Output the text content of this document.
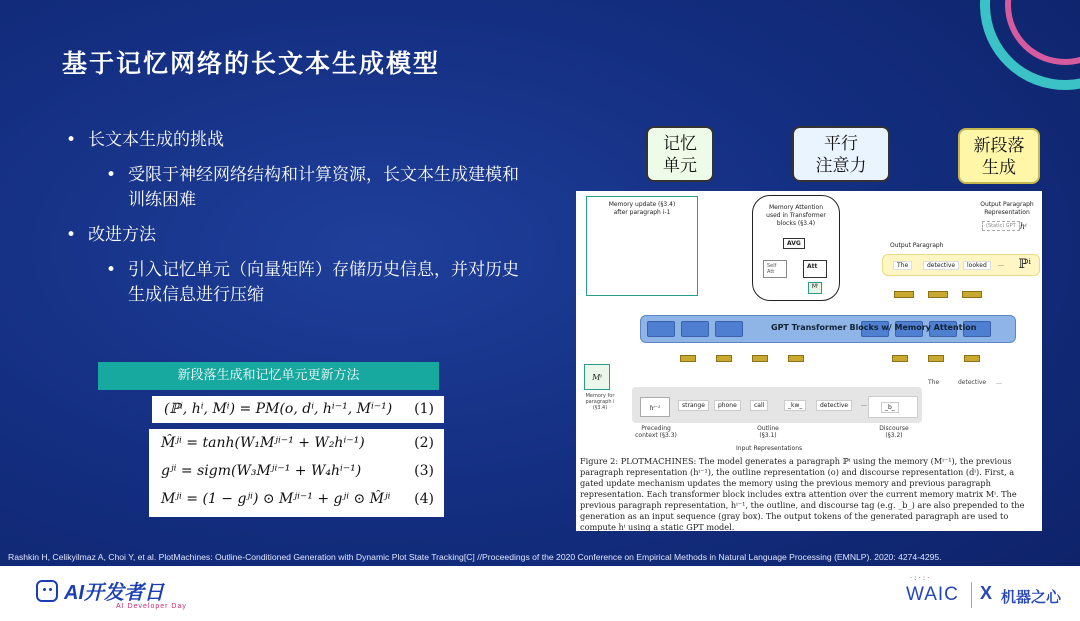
基于记忆网络的长文本生成模型
• 长文本生成的挑战
• 受限于神经网络结构和计算资源，长文本生成建模和训练困难
• 改进方法
• 引入记忆单元（向量矩阵）存储历史信息，并对历史生成信息进行压缩
新段落生成和记忆单元更新方法
(ℙⁱ, hⁱ, Mⁱ) = PM(o, dⁱ, hⁱ⁻¹, Mⁱ⁻¹) (1)
M̂ʲⁱ = tanh(W₁Mʲⁱ⁻¹ + W₂hⁱ⁻¹)	(2)
gʲⁱ = sigm(W₃Mʲⁱ⁻¹ + W₄hⁱ⁻¹)	(3)
Mʲⁱ = (1 − gʲⁱ) ⊙ Mʲⁱ⁻¹ + gʲⁱ ⊙ M̂ʲⁱ (4)
Memory update (§3.4)
after paragraph i-1
Memory Attention
used in Transformer
blocks (§3.4)
AVG
Self Att
Att
Mⁱ
Output Paragraph
Representation
(Static) GPT hⁱ
Output Paragraph
The	detective	looked	… ℙⁱ
GPT Transformer Blocks w/ Memory Attention
Mⁱ
Memory for
paragraph i
(§3.4)
The	detective …
strange	phone	call	_kw_	detective	…
hⁱ⁻¹	_b_
Preceding
context (§3.3)
Outline
(§3.1)
Discourse
(§3.2)
Input Representations
Figure 2: PLOTMACHINES: The model generates a paragraph ℙⁱ using the memory (Mⁱ⁻¹), the previous paragraph representation (hⁱ⁻¹), the outline representation (o) and discourse representation (dⁱ). First, a gated update mechanism updates the memory using the previous memory and previous paragraph representation. Each transformer block includes extra attention over the current memory matrix Mⁱ. The previous paragraph representation, hⁱ⁻¹, the outline, and discourse tag (e.g. _b_) are also prepended to the generation as an input sequence (gray box). The output tokens of the generated paragraph are used to compute hⁱ using a static GPT model.
记忆
单元
平行
注意力
新段落
生成
Rashkin H, Celikyilmaz A, Choi Y, et al. PlotMachines: Outline-Conditioned Generation with Dynamic Plot State Tracking[C] //Proceedings of the 2020 Conference on Empirical Methods in Natural Language Processing (EMNLP). 2020: 4274-4295.
AI开发者日
AI Developer Day
·:·:·
WAIC X 机器之心
